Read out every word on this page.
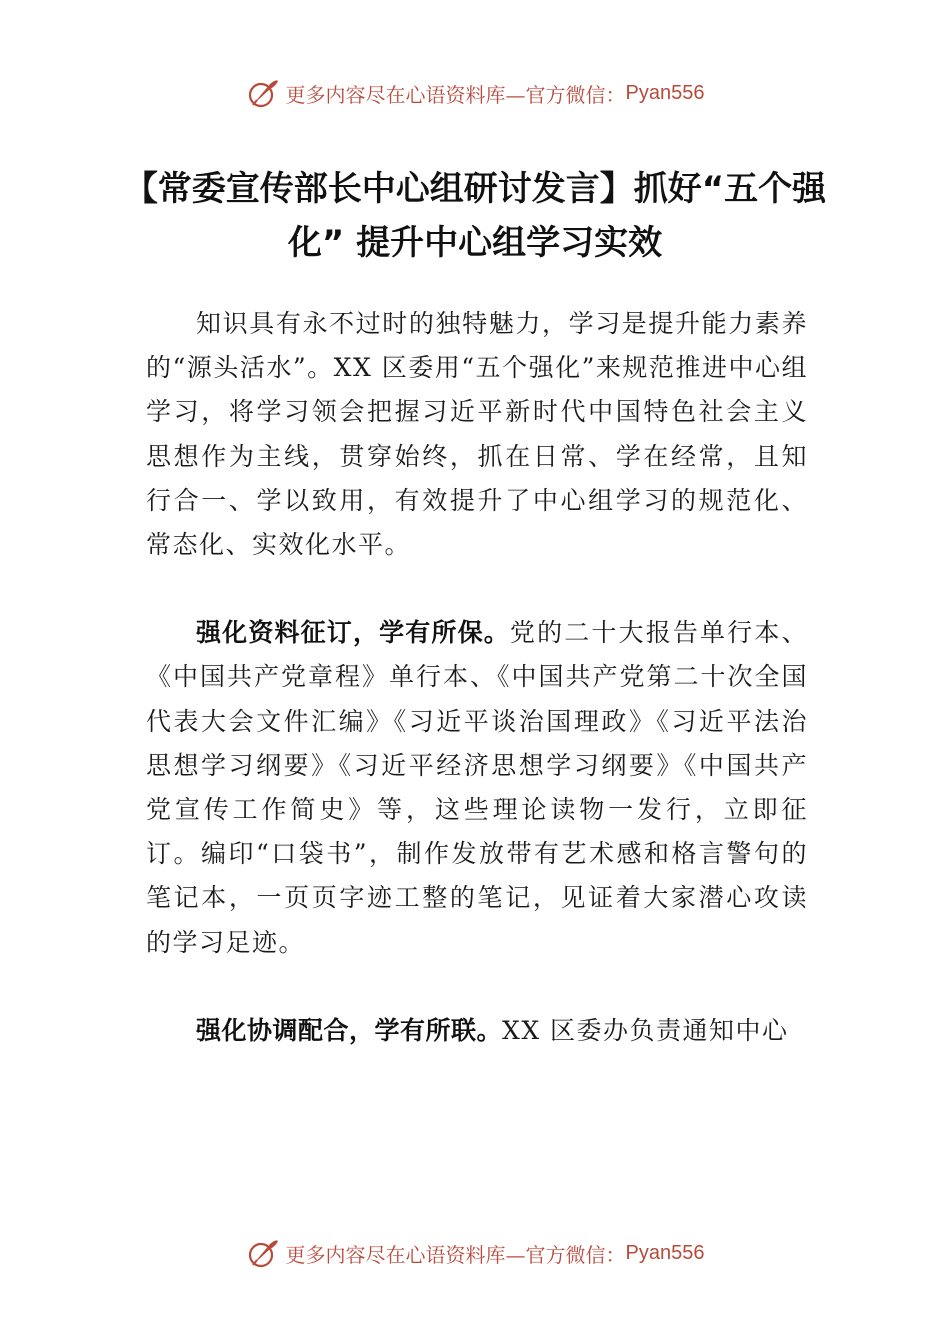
更多内容尽在心语资料库—官方微信： Pyan556
【常委宣传部长中心组研讨发言】抓好“五个强化” 提升中心组学习实效

知识具有永不过时的独特魅力，学习是提升能力素养的“源头活水”。XX 区委用“五个强化”来规范推进中心组学习，将学习领会把握习近平新时代中国特色社会主义思想作为主线，贯穿始终，抓在日常、学在经常，且知行合一、学以致用，有效提升了中心组学习的规范化、常态化、实效化水平。

强化资料征订，学有所保。党的二十大报告单行本、《中国共产党章程》单行本、《中国共产党第二十次全国代表大会文件汇编》《习近平谈治国理政》《习近平法治思想学习纲要》《习近平经济思想学习纲要》《中国共产党宣传工作简史》等，这些理论读物一发行，立即征订。编印“口袋书”，制作发放带有艺术感和格言警句的笔记本，一页页字迹工整的笔记，见证着大家潜心攻读的学习足迹。

强化协调配合，学有所联。XX 区委办负责通知中心

更多内容尽在心语资料库—官方微信： Pyan556
